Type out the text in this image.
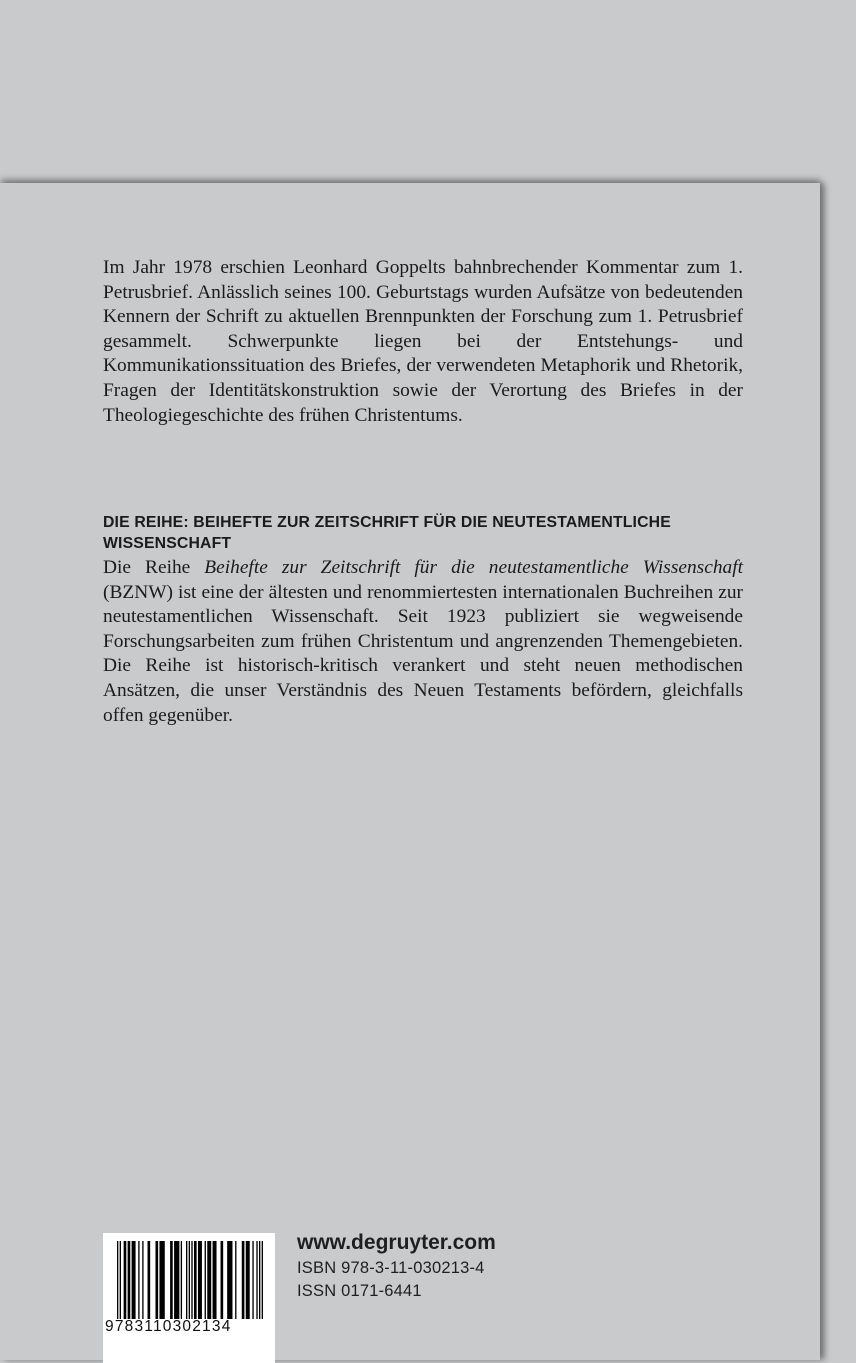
Im Jahr 1978 erschien Leonhard Goppelts bahnbrechender Kommentar zum 1. Petrusbrief. Anlässlich seines 100. Geburtstags wurden Aufsätze von bedeutenden Kennern der Schrift zu aktuellen Brennpunkten der Forschung zum 1. Petrusbrief gesammelt. Schwerpunkte liegen bei der Entstehungs- und Kommunikationssituation des Briefes, der verwendeten Metaphorik und Rhetorik, Fragen der Identitätskonstruktion sowie der Verortung des Briefes in der Theologiegeschichte des frühen Christentums.

DIE REIHE: BEIHEFTE ZUR ZEITSCHRIFT FÜR DIE NEUTESTAMENTLICHE WISSENSCHAFT

Die Reihe Beihefte zur Zeitschrift für die neutestamentliche Wissenschaft (BZNW) ist eine der ältesten und renommiertesten internationalen Buchreihen zur neutestamentlichen Wissenschaft. Seit 1923 publiziert sie wegweisende Forschungsarbeiten zum frühen Christentum und angrenzenden Themengebieten. Die Reihe ist historisch-kritisch verankert und steht neuen methodischen Ansätzen, die unser Verständnis des Neuen Testaments befördern, gleichfalls offen gegenüber.

9783110302134
www.degruyter.com
ISBN 978-3-11-030213-4
ISSN 0171-6441
